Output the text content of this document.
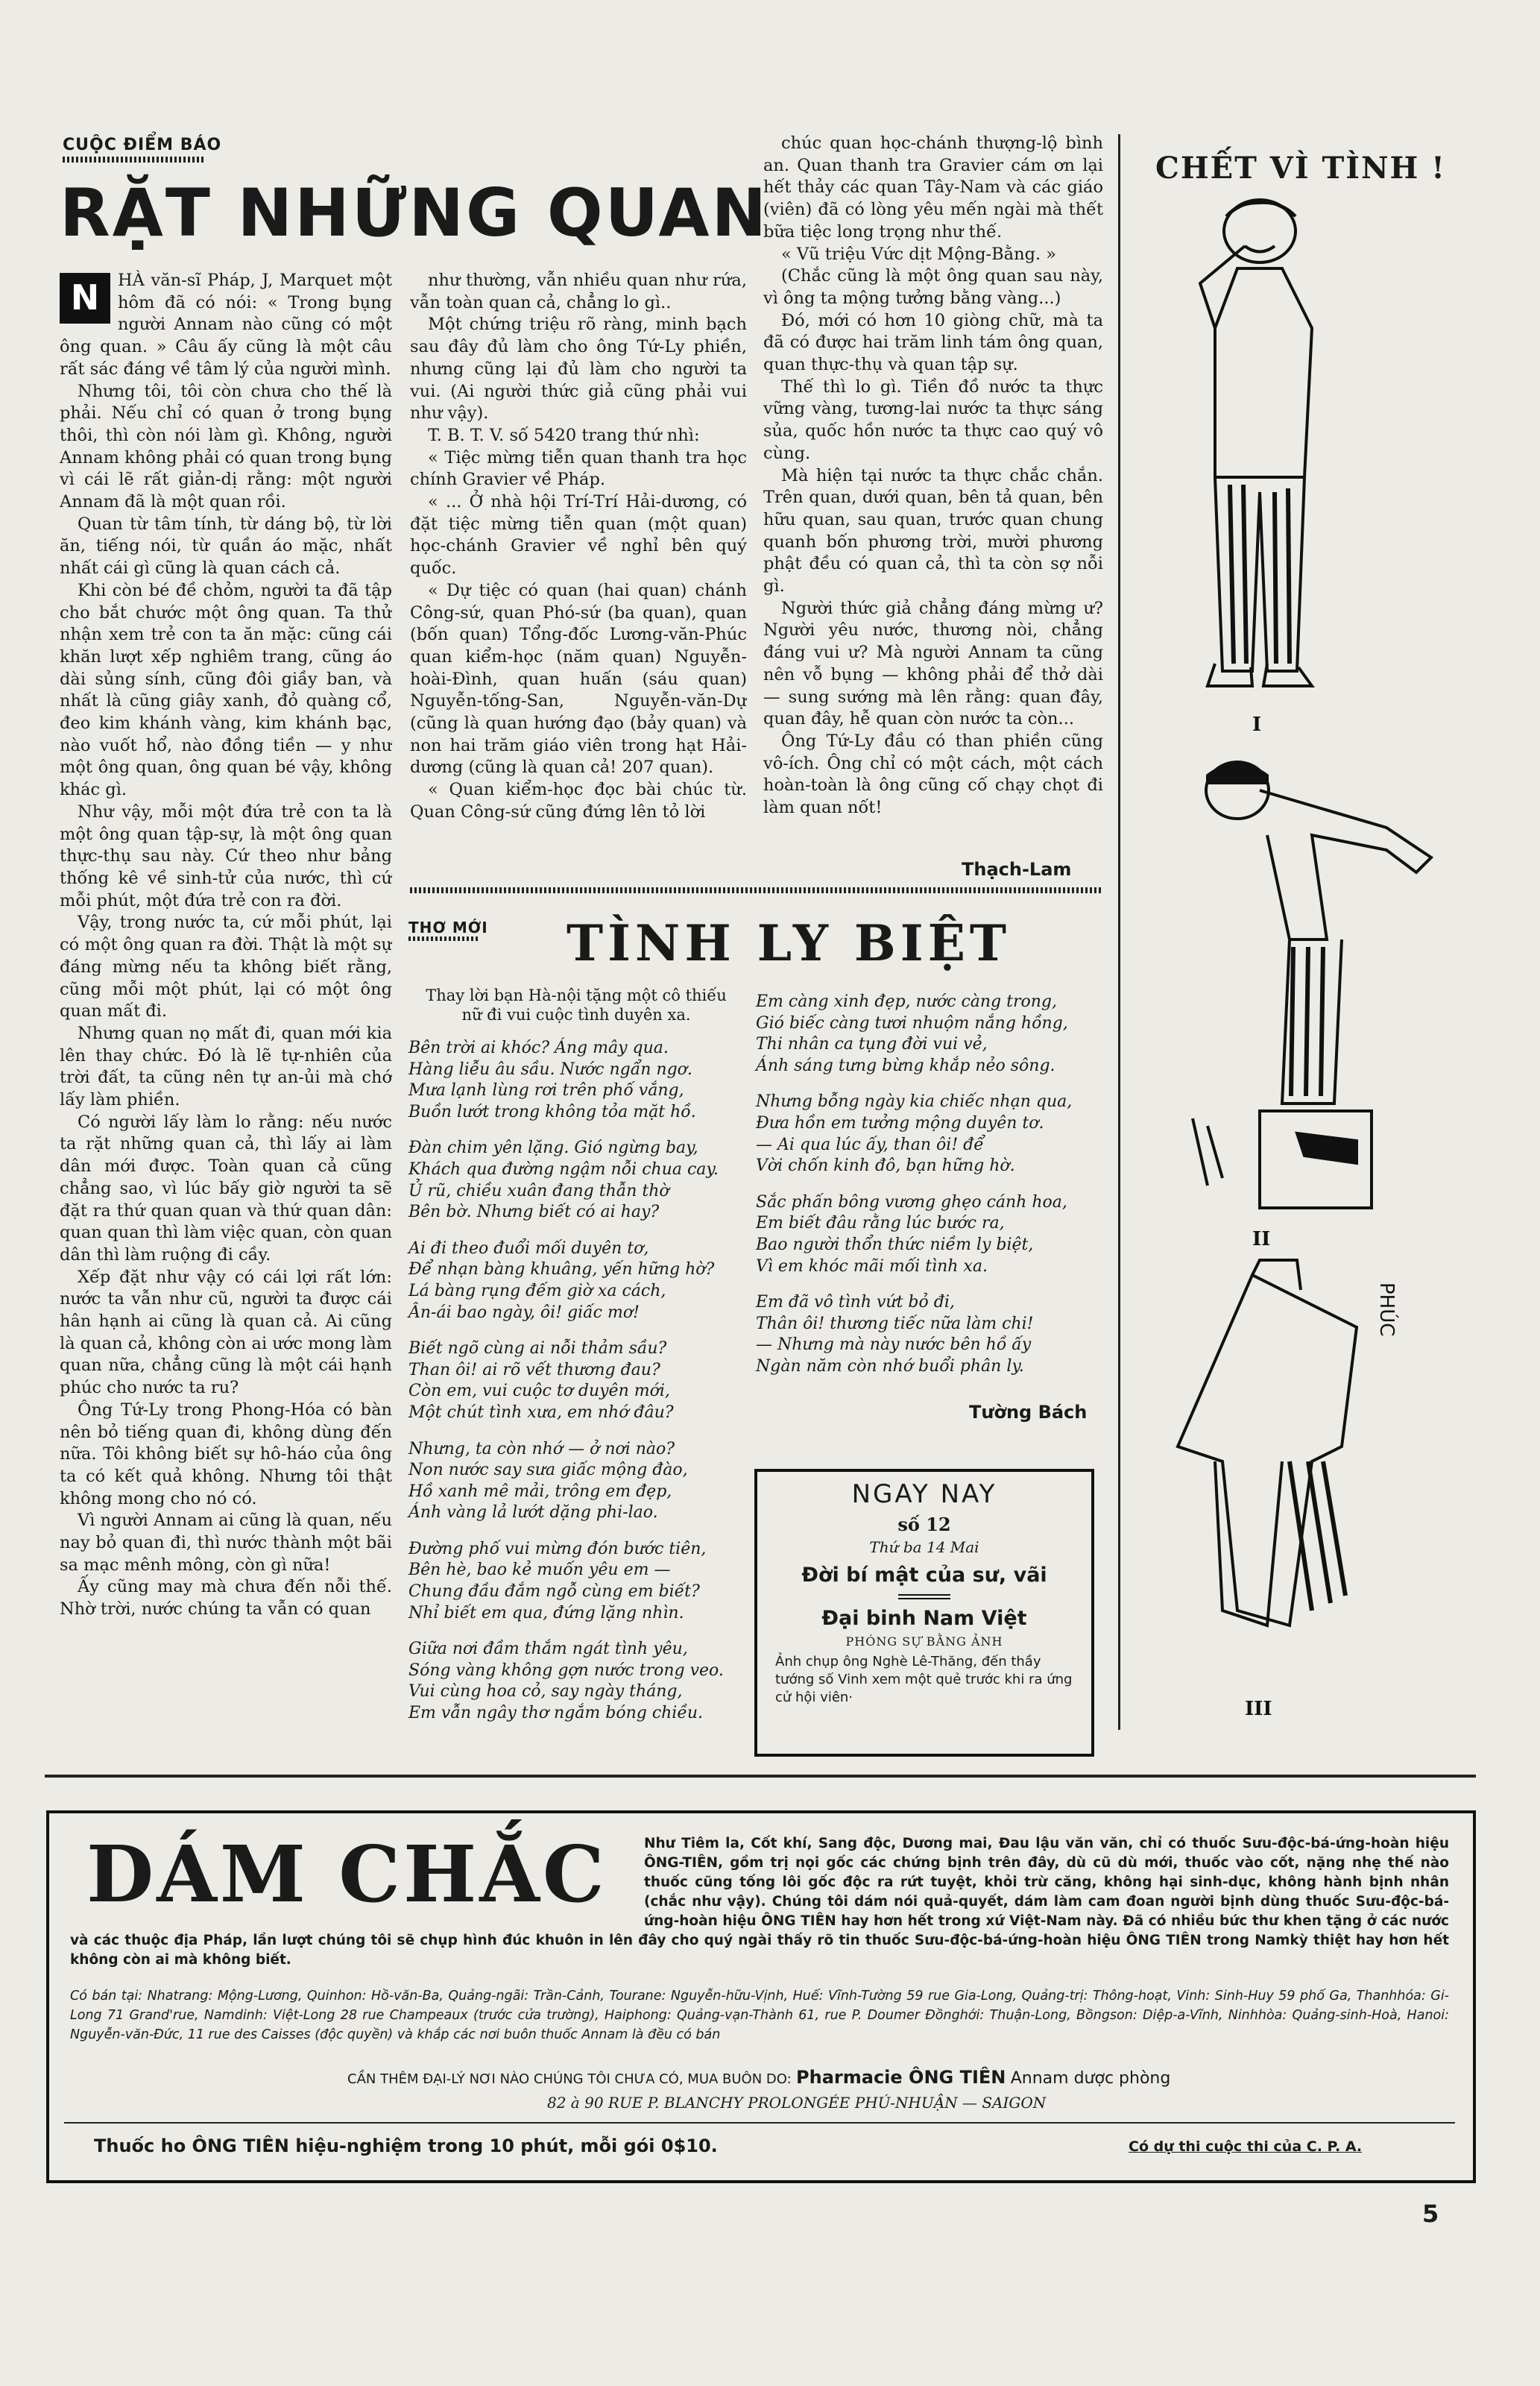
CUỘC ĐIỂM BÁO
RẶT NHỮNG QUAN
N	HÀ văn-sĩ Pháp, J, Marquet một hôm đã có nói: « Trong bụng người Annam nào cũng có một ông quan. » Câu ấy cũng là một câu rất sác đáng về tâm lý của người mình.

Nhưng tôi, tôi còn chưa cho thế là phải. Nếu chỉ có quan ở trong bụng thôi, thì còn nói làm gì. Không, người Annam không phải có quan trong bụng vì cái lẽ rất giản-dị rằng: một người Annam đã là một quan rồi.

Quan từ tâm tính, từ dáng bộ, từ lời ăn, tiếng nói, từ quần áo mặc, nhất nhất cái gì cũng là quan cách cả.

Khi còn bé đề chỏm, người ta đã tập cho bắt chước một ông quan. Ta thử nhận xem trẻ con ta ăn mặc: cũng cái khăn lượt xếp nghiêm trang, cũng áo dài sủng sính, cũng đôi giầy ban, và nhất là cũng giây xanh, đỏ quàng cổ, đeo kim khánh vàng, kim khánh bạc, nào vuốt hổ, nào đồng tiền — y như một ông quan, ông quan bé vậy, không khác gì.

Như vậy, mỗi một đứa trẻ con ta là một ông quan tập-sự, là một ông quan thực-thụ sau này. Cứ theo như bảng thống kê về sinh-tử của nước, thì cứ mỗi phút, một đứa trẻ con ra đời.

Vậy, trong nước ta, cứ mỗi phút, lại có một ông quan ra đời. Thật là một sự đáng mừng nếu ta không biết rằng, cũng mỗi một phút, lại có một ông quan mất đi.

Nhưng quan nọ mất đi, quan mới kia lên thay chức. Đó là lẽ tự-nhiên của trời đất, ta cũng nên tự an-ủi mà chớ lấy làm phiền.

Có người lấy làm lo rằng: nếu nước ta rặt những quan cả, thì lấy ai làm dân mới được. Toàn quan cả cũng chẳng sao, vì lúc bấy giờ người ta sẽ đặt ra thứ quan quan và thứ quan dân: quan quan thì làm việc quan, còn quan dân thì làm ruộng đi cầy.

Xếp đặt như vậy có cái lợi rất lớn: nước ta vẫn như cũ, người ta được cái hân hạnh ai cũng là quan cả. Ai cũng là quan cả, không còn ai ước mong làm quan nữa, chẳng cũng là một cái hạnh phúc cho nước ta ru?

Ông Tứ-Ly trong Phong-Hóa có bàn nên bỏ tiếng quan đi, không dùng đến nữa. Tôi không biết sự hô-háo của ông ta có kết quả không. Nhưng tôi thật không mong cho nó có.

Vì người Annam ai cũng là quan, nếu nay bỏ quan đi, thì nước thành một bãi sa mạc mênh mông, còn gì nữa!

Ấy cũng may mà chưa đến nỗi thế. Nhờ trời, nước chúng ta vẫn có quan

như thường, vẫn nhiều quan như rứa, vẫn toàn quan cả, chẳng lo gì..

Một chứng triệu rõ ràng, minh bạch sau đây đủ làm cho ông Tứ-Ly phiền, nhưng cũng lại đủ làm cho người ta vui. (Ai người thức giả cũng phải vui như vậy).

T. B. T. V. số 5420 trang thứ nhì:

« Tiệc mừng tiễn quan thanh tra học chính Gravier về Pháp.

« ... Ở nhà hội Trí-Trí Hải-dương, có đặt tiệc mừng tiễn quan (một quan) học-chánh Gravier về nghỉ bên quý quốc.

« Dự tiệc có quan (hai quan) chánh Công-sứ, quan Phó-sứ (ba quan), quan (bốn quan) Tổng-đốc Lương-văn-Phúc quan kiểm-học (năm quan) Nguyễn-hoài-Đình, quan huấn (sáu quan) Nguyễn-tống-San, Nguyễn-văn-Dự (cũng là quan hướng đạo (bảy quan) và non hai trăm giáo viên trong hạt Hải-dương (cũng là quan cả! 207 quan).

« Quan kiểm-học đọc bài chúc từ. Quan Công-sứ cũng đứng lên tỏ lời

chúc quan học-chánh thượng-lộ bình an. Quan thanh tra Gravier cám ơn lại hết thảy các quan Tây-Nam và các giáo (viên) đã có lòng yêu mến ngài mà thết bữa tiệc long trọng như thế.

« Vũ triệu Vức dịt Mộng-Bằng. »

(Chắc cũng là một ông quan sau này, vì ông ta mộng tưởng bằng vàng...)

Đó, mới có hơn 10 giòng chữ, mà ta đã có được hai trăm linh tám ông quan, quan thực-thụ và quan tập sự.

Thế thì lo gì. Tiền đồ nước ta thực vững vàng, tương-lai nước ta thực sáng sủa, quốc hồn nước ta thực cao quý vô cùng.

Mà hiện tại nước ta thực chắc chắn. Trên quan, dưới quan, bên tả quan, bên hữu quan, sau quan, trước quan chung quanh bốn phương trời, mười phương phật đều có quan cả, thì ta còn sợ nỗi gì.

Người thức giả chẳng đáng mừng ư? Người yêu nước, thương nòi, chẳng đáng vui ư? Mà người Annam ta cũng nên vỗ bụng — không phải để thở dài — sung sướng mà lên rằng: quan đây, quan đây, hễ quan còn nước ta còn...

Ông Tứ-Ly đầu có than phiền cũng vô-ích. Ông chỉ có một cách, một cách hoàn-toàn là ông cũng cố chạy chọt đi làm quan nốt!

Thạch-Lam
CHẾT VÌ TÌNH !
I
II
PHÚC
III
THƠ MỚI TÌNH LY BIỆT
Thay lời bạn Hà-nội tặng một cô thiếu nữ đi vui cuộc tình duyên xa.
Bên trời ai khóc? Áng mây qua.
Hàng liễu âu sầu. Nước ngẩn ngơ.
Mưa lạnh lùng rơi trên phố vắng,
Buồn lướt trong không tỏa mặt hồ.
Đàn chim yên lặng. Gió ngừng bay,
Khách qua đường ngậm nỗi chua cay.
Ủ rũ, chiều xuân đang thẫn thờ
Bên bờ. Nhưng biết có ai hay?
Ai đi theo đuổi mối duyên tơ,
Để nhạn bàng khuâng, yến hững hờ?
Lá bàng rụng đếm giờ xa cách,
Ân-ái bao ngày, ôi! giấc mơ!
Biết ngõ cùng ai nỗi thảm sầu?
Than ôi! ai rõ vết thương đau?
Còn em, vui cuộc tơ duyên mới,
Một chút tình xưa, em nhớ đâu?
Nhưng, ta còn nhớ — ở nơi nào?
Non nước say sưa giấc mộng đào,
Hồ xanh mê mải, trông em đẹp,
Ánh vàng lả lướt dặng phi-lao.
Đường phố vui mừng đón bước tiên,
Bên hè, bao kẻ muốn yêu em —
Chung đầu đắm ngỗ cùng em biết?
Nhỉ biết em qua, đứng lặng nhìn.
Giữa nơi đầm thắm ngát tình yêu,
Sóng vàng không gợn nước trong veo.
Vui cùng hoa cỏ, say ngày tháng,
Em vẫn ngây thơ ngắm bóng chiều.
Em càng xinh đẹp, nước càng trong,
Gió biếc càng tươi nhuộm nắng hồng,
Thi nhân ca tụng đời vui vẻ,
Ánh sáng tưng bừng khắp nẻo sông.
Nhưng bỗng ngày kia chiếc nhạn qua,
Đưa hồn em tưởng mộng duyên tơ.
— Ai qua lúc ấy, than ôi! để
Vời chốn kinh đô, bạn hững hờ.
Sắc phấn bông vương ghẹo cánh hoa,
Em biết đâu rằng lúc bước ra,
Bao người thổn thức niềm ly biệt,
Vì em khóc mãi mối tình xa.
Em đã vô tình vứt bỏ đi,
Thân ôi! thương tiếc nữa làm chi!
— Nhưng mà này nước bên hồ ấy
Ngàn năm còn nhớ buổi phân ly.
Tường Bách
NGAY NAY
số 12
Thứ ba 14 Mai
Đời bí mật của sư, vãi
Đại binh Nam Việt
PHÓNG SỰ BẰNG ẢNH
Ảnh chụp ông Nghè Lê-Thăng, đến thầy tướng số Vinh xem một quẻ trước khi ra ứng cử hội viên·
DÁM CHẮC	Như Tiêm la, Cốt khí, Sang độc, Dương mai, Đau lậu văn văn, chỉ có thuốc Sưu-độc-bá-ứng-hoàn hiệu ÔNG-TIÊN, gồm trị nọi gốc các chứng bịnh trên đây, dù cũ dù mới, thuốc vào cốt, nặng nhẹ thế nào thuốc cũng tống lôi gốc độc ra rứt tuyệt, khỏi trừ căng, không hại sinh-dục, không hành bịnh nhân (chắc như vậy). Chúng tôi dám nói quả-quyết, dám làm cam đoan người bịnh dùng thuốc Sưu-độc-bá-ứng-hoàn hiệu ÔNG TIÊN hay hơn hết trong xứ Việt-Nam này. Đã có nhiều bức thư khen tặng ở các nước và các thuộc địa Pháp, lần lượt chúng tôi sẽ chụp hình đúc khuôn in lên đây cho quý ngài thấy rõ tin thuốc Sưu-độc-bá-ứng-hoàn hiệu ÔNG TIÊN trong Namkỳ thiệt hay hơn hết không còn ai mà không biết.
Có bán tại: Nhatrang: Mộng-Lương, Quinhon: Hồ-văn-Ba, Quảng-ngãi: Trần-Cảnh, Tourane: Nguyễn-hữu-Vịnh, Huế: Vĩnh-Tường 59 rue Gia-Long, Quảng-trị: Thông-hoạt, Vinh: Sinh-Huy 59 phố Ga, Thanhhóa: Gi-Long 71 Grand'rue, Namdinh: Việt-Long 28 rue Champeaux (trước cửa trường), Haiphong: Quảng-vạn-Thành 61, rue P. Doumer Đồnghới: Thuận-Long, Bồngson: Diệp-a-Vĩnh, Ninhhòa: Quảng-sinh-Hoà, Hanoi: Nguyễn-văn-Đức, 11 rue des Caisses (độc quyền) và khắp các nơi buôn thuốc Annam là đều có bán
CẦN THÊM ĐẠI-LÝ NƠI NÀO CHÚNG TÔI CHƯA CÓ, MUA BUÔN DO: Pharmacie ÔNG TIÊN Annam dược phòng
82 à 90 RUE P. BLANCHY PROLONGÉE PHÚ-NHUẬN — SAIGON
Thuốc ho ÔNG TIÊN hiệu-nghiệm trong 10 phút, mỗi gói 0$10.	Có dự thi cuộc thi của C. P. A.
5
